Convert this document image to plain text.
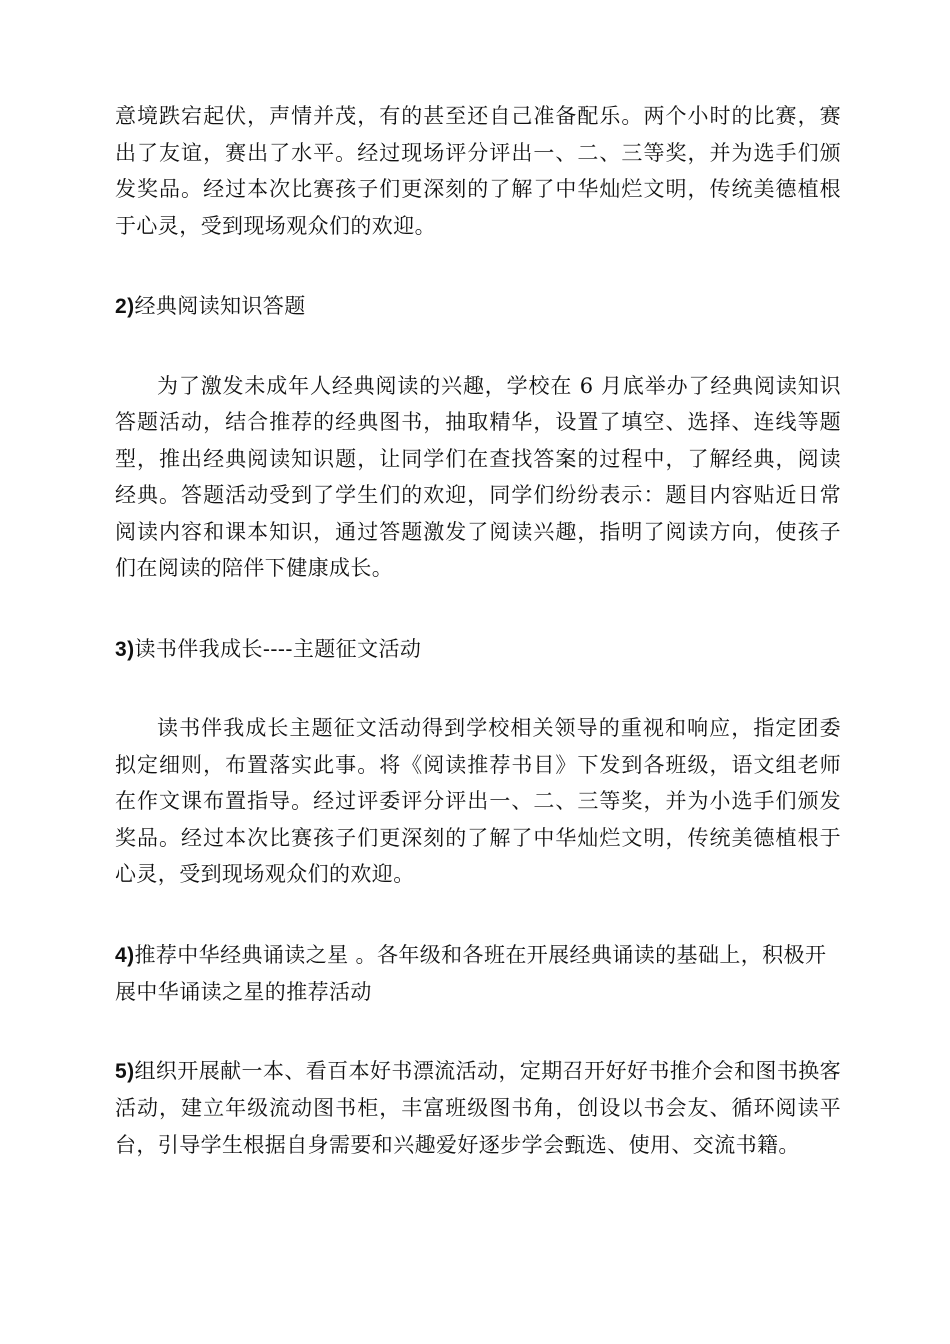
意境跌宕起伏，声情并茂，有的甚至还自己准备配乐。两个小时的比赛，赛出了友谊，赛出了水平。经过现场评分评出一、二、三等奖，并为选手们颁发奖品。经过本次比赛孩子们更深刻的了解了中华灿烂文明，传统美德植根于心灵，受到现场观众们的欢迎。

2)经典阅读知识答题

为了激发未成年人经典阅读的兴趣，学校在 6 月底举办了经典阅读知识答题活动，结合推荐的经典图书，抽取精华，设置了填空、选择、连线等题型，推出经典阅读知识题，让同学们在查找答案的过程中，了解经典，阅读经典。答题活动受到了学生们的欢迎，同学们纷纷表示：题目内容贴近日常阅读内容和课本知识，通过答题激发了阅读兴趣，指明了阅读方向，使孩子们在阅读的陪伴下健康成长。

3)读书伴我成长----主题征文活动

读书伴我成长主题征文活动得到学校相关领导的重视和响应，指定团委拟定细则，布置落实此事。将《阅读推荐书目》下发到各班级，语文组老师在作文课布置指导。经过评委评分评出一、二、三等奖，并为小选手们颁发奖品。经过本次比赛孩子们更深刻的了解了中华灿烂文明，传统美德植根于心灵，受到现场观众们的欢迎。

4)推荐中华经典诵读之星 。各年级和各班在开展经典诵读的基础上，积极开展中华诵读之星的推荐活动

5)组织开展献一本、看百本好书漂流活动，定期召开好好书推介会和图书换客活动，建立年级流动图书柜，丰富班级图书角，创设以书会友、循环阅读平台，引导学生根据自身需要和兴趣爱好逐步学会甄选、使用、交流书籍。
